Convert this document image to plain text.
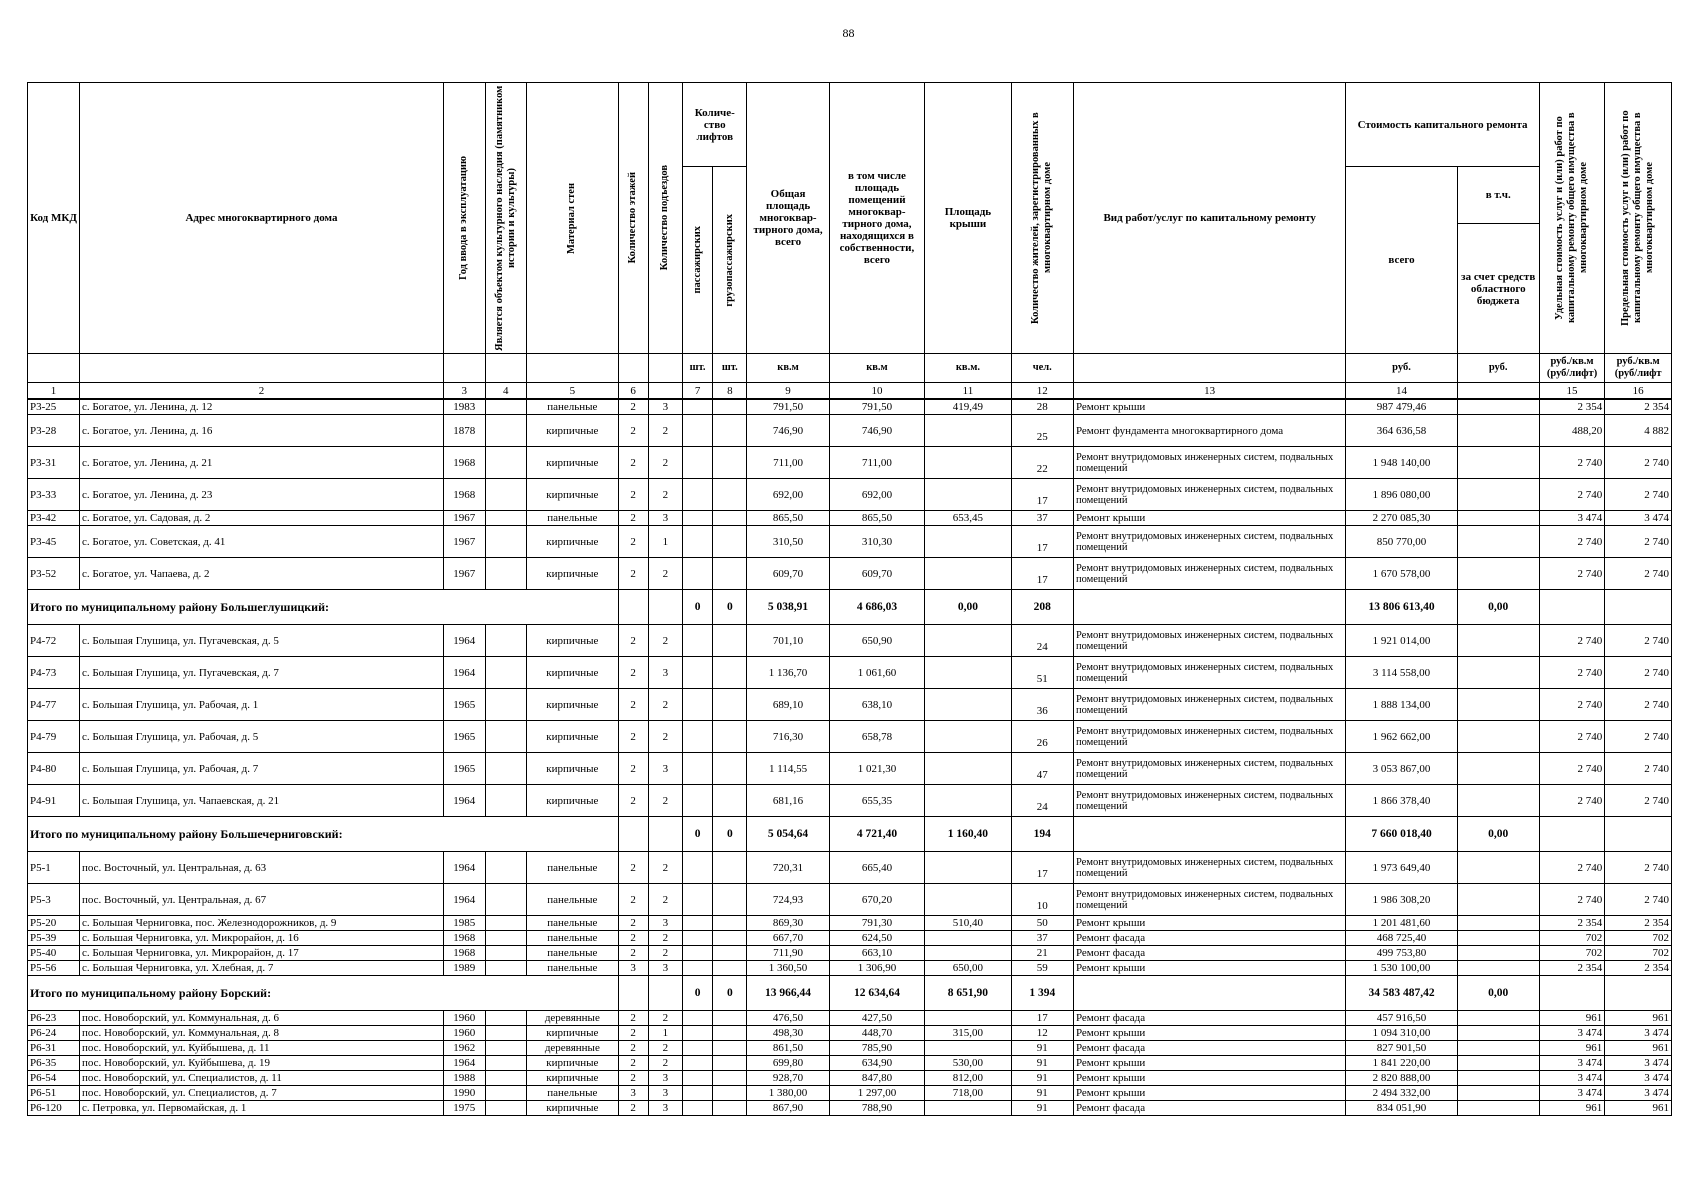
88
Код МКД	Адрес многоквартирного дома	Год ввода в эксплуатацию	Является объектом культурного наследия (памятником истории и культуры)	Материал стен	Количество этажей	Количество подъездов	Количе- ство лифтов		Общая площадь многоквар- тирного дома, всего	в том числе площадь помещений многоквар- тирного дома, находящихся в собственности, всего	Площадь крыши	Количество жителей, зарегистрированных в многоквартирном доме	Вид работ/услуг по капитальному ремонту	Стоимость капитального ремонта		Удельная стоимость услуг и (или) работ по капитальному ремонту общего имущества в многоквартирном доме	Предельная стоимость услуг и (или) работ по капитальному ремонту общего имущества в многоквартирном доме

							пассажирских	грузопассажирских						всего	в т.ч.		
															за счет средств областного бюджета		
							шт.	шт.	кв.м	кв.м	кв.м.	чел.		руб.	руб.	руб./кв.м (руб/лифт)	руб./кв.м (руб/лифт
1	2	3	4	5	6		7	8	9	10	11	12	13	14		15	16
Р3-25	с. Богатое, ул. Ленина, д. 12	1983		панельные	2	3			791,50	791,50	419,49	28	Ремонт крыши	987 479,46		2 354	2 354
Р3-28	с. Богатое, ул. Ленина, д. 16	1878		кирпичные	2	2			746,90	746,90		25	Ремонт фундамента многоквартирного дома	364 636,58		488,20	4 882
Р3-31	с. Богатое, ул. Ленина, д. 21	1968		кирпичные	2	2			711,00	711,00		22	Ремонт внутридомовых инженерных систем, подвальных помещений	1 948 140,00		2 740	2 740
Р3-33	с. Богатое, ул. Ленина, д. 23	1968		кирпичные	2	2			692,00	692,00		17	Ремонт внутридомовых инженерных систем, подвальных помещений	1 896 080,00		2 740	2 740
Р3-42	с. Богатое, ул. Садовая, д. 2	1967		панельные	2	3			865,50	865,50	653,45	37	Ремонт крыши	2 270 085,30		3 474	3 474
Р3-45	с. Богатое, ул. Советская, д. 41	1967		кирпичные	2	1			310,50	310,30		17	Ремонт внутридомовых инженерных систем, подвальных помещений	850 770,00		2 740	2 740
Р3-52	с. Богатое, ул. Чапаева, д. 2	1967		кирпичные	2	2			609,70	609,70		17	Ремонт внутридомовых инженерных систем, подвальных помещений	1 670 578,00		2 740	2 740
Итого по муниципальному району Большеглушицкий:							0	0	5 038,91	4 686,03	0,00	208		13 806 613,40	0,00		
Р4-72	с. Большая Глушица, ул. Пугачевская, д. 5	1964		кирпичные	2	2			701,10	650,90		24	Ремонт внутридомовых инженерных систем, подвальных помещений	1 921 014,00		2 740	2 740
Р4-73	с. Большая Глушица, ул. Пугачевская, д. 7	1964		кирпичные	2	3			1 136,70	1 061,60		51	Ремонт внутридомовых инженерных систем, подвальных помещений	3 114 558,00		2 740	2 740
Р4-77	с. Большая Глушица, ул. Рабочая, д. 1	1965		кирпичные	2	2			689,10	638,10		36	Ремонт внутридомовых инженерных систем, подвальных помещений	1 888 134,00		2 740	2 740
Р4-79	с. Большая Глушица, ул. Рабочая, д. 5	1965		кирпичные	2	2			716,30	658,78		26	Ремонт внутридомовых инженерных систем, подвальных помещений	1 962 662,00		2 740	2 740
Р4-80	с. Большая Глушица, ул. Рабочая, д. 7	1965		кирпичные	2	3			1 114,55	1 021,30		47	Ремонт внутридомовых инженерных систем, подвальных помещений	3 053 867,00		2 740	2 740
Р4-91	с. Большая Глушица, ул. Чапаевская, д. 21	1964		кирпичные	2	2			681,16	655,35		24	Ремонт внутридомовых инженерных систем, подвальных помещений	1 866 378,40		2 740	2 740
Итого по муниципальному району Большечерниговский:							0	0	5 054,64	4 721,40	1 160,40	194		7 660 018,40	0,00		
Р5-1	пос. Восточный, ул. Центральная, д. 63	1964		панельные	2	2			720,31	665,40		17	Ремонт внутридомовых инженерных систем, подвальных помещений	1 973 649,40		2 740	2 740
Р5-3	пос. Восточный, ул. Центральная, д. 67	1964		панельные	2	2			724,93	670,20		10	Ремонт внутридомовых инженерных систем, подвальных помещений	1 986 308,20		2 740	2 740
Р5-20	с. Большая Черниговка, пос. Железнодорожников, д. 9	1985		панельные	2	3			869,30	791,30	510,40	50	Ремонт крыши	1 201 481,60		2 354	2 354
Р5-39	с. Большая Черниговка, ул. Микрорайон, д. 16	1968		панельные	2	2			667,70	624,50		37	Ремонт фасада	468 725,40		702	702
Р5-40	с. Большая Черниговка, ул. Микрорайон, д. 17	1968		панельные	2	2			711,90	663,10		21	Ремонт фасада	499 753,80		702	702
Р5-56	с. Большая Черниговка, ул. Хлебная, д. 7	1989		панельные	3	3			1 360,50	1 306,90	650,00	59	Ремонт крыши	1 530 100,00		2 354	2 354
Итого по муниципальному району Борский:							0	0	13 966,44	12 634,64	8 651,90	1 394		34 583 487,42	0,00		
Р6-23	пос. Новоборский, ул. Коммунальная, д. 6	1960		деревянные	2	2			476,50	427,50		17	Ремонт фасада	457 916,50		961	961
Р6-24	пос. Новоборский, ул. Коммунальная, д. 8	1960		кирпичные	2	1			498,30	448,70	315,00	12	Ремонт крыши	1 094 310,00		3 474	3 474
Р6-31	пос. Новоборский, ул. Куйбышева, д. 11	1962		деревянные	2	2			861,50	785,90		91	Ремонт фасада	827 901,50		961	961
Р6-35	пос. Новоборский, ул. Куйбышева, д. 19	1964		кирпичные	2	2			699,80	634,90	530,00	91	Ремонт крыши	1 841 220,00		3 474	3 474
Р6-54	пос. Новоборский, ул. Специалистов, д. 11	1988		кирпичные	2	3			928,70	847,80	812,00	91	Ремонт крыши	2 820 888,00		3 474	3 474
Р6-51	пос. Новоборский, ул. Специалистов, д. 7	1990		панельные	3	3			1 380,00	1 297,00	718,00	91	Ремонт крыши	2 494 332,00		3 474	3 474
Р6-120	с. Петровка, ул. Первомайская, д. 1	1975		кирпичные	2	3			867,90	788,90		91	Ремонт фасада	834 051,90		961	961
